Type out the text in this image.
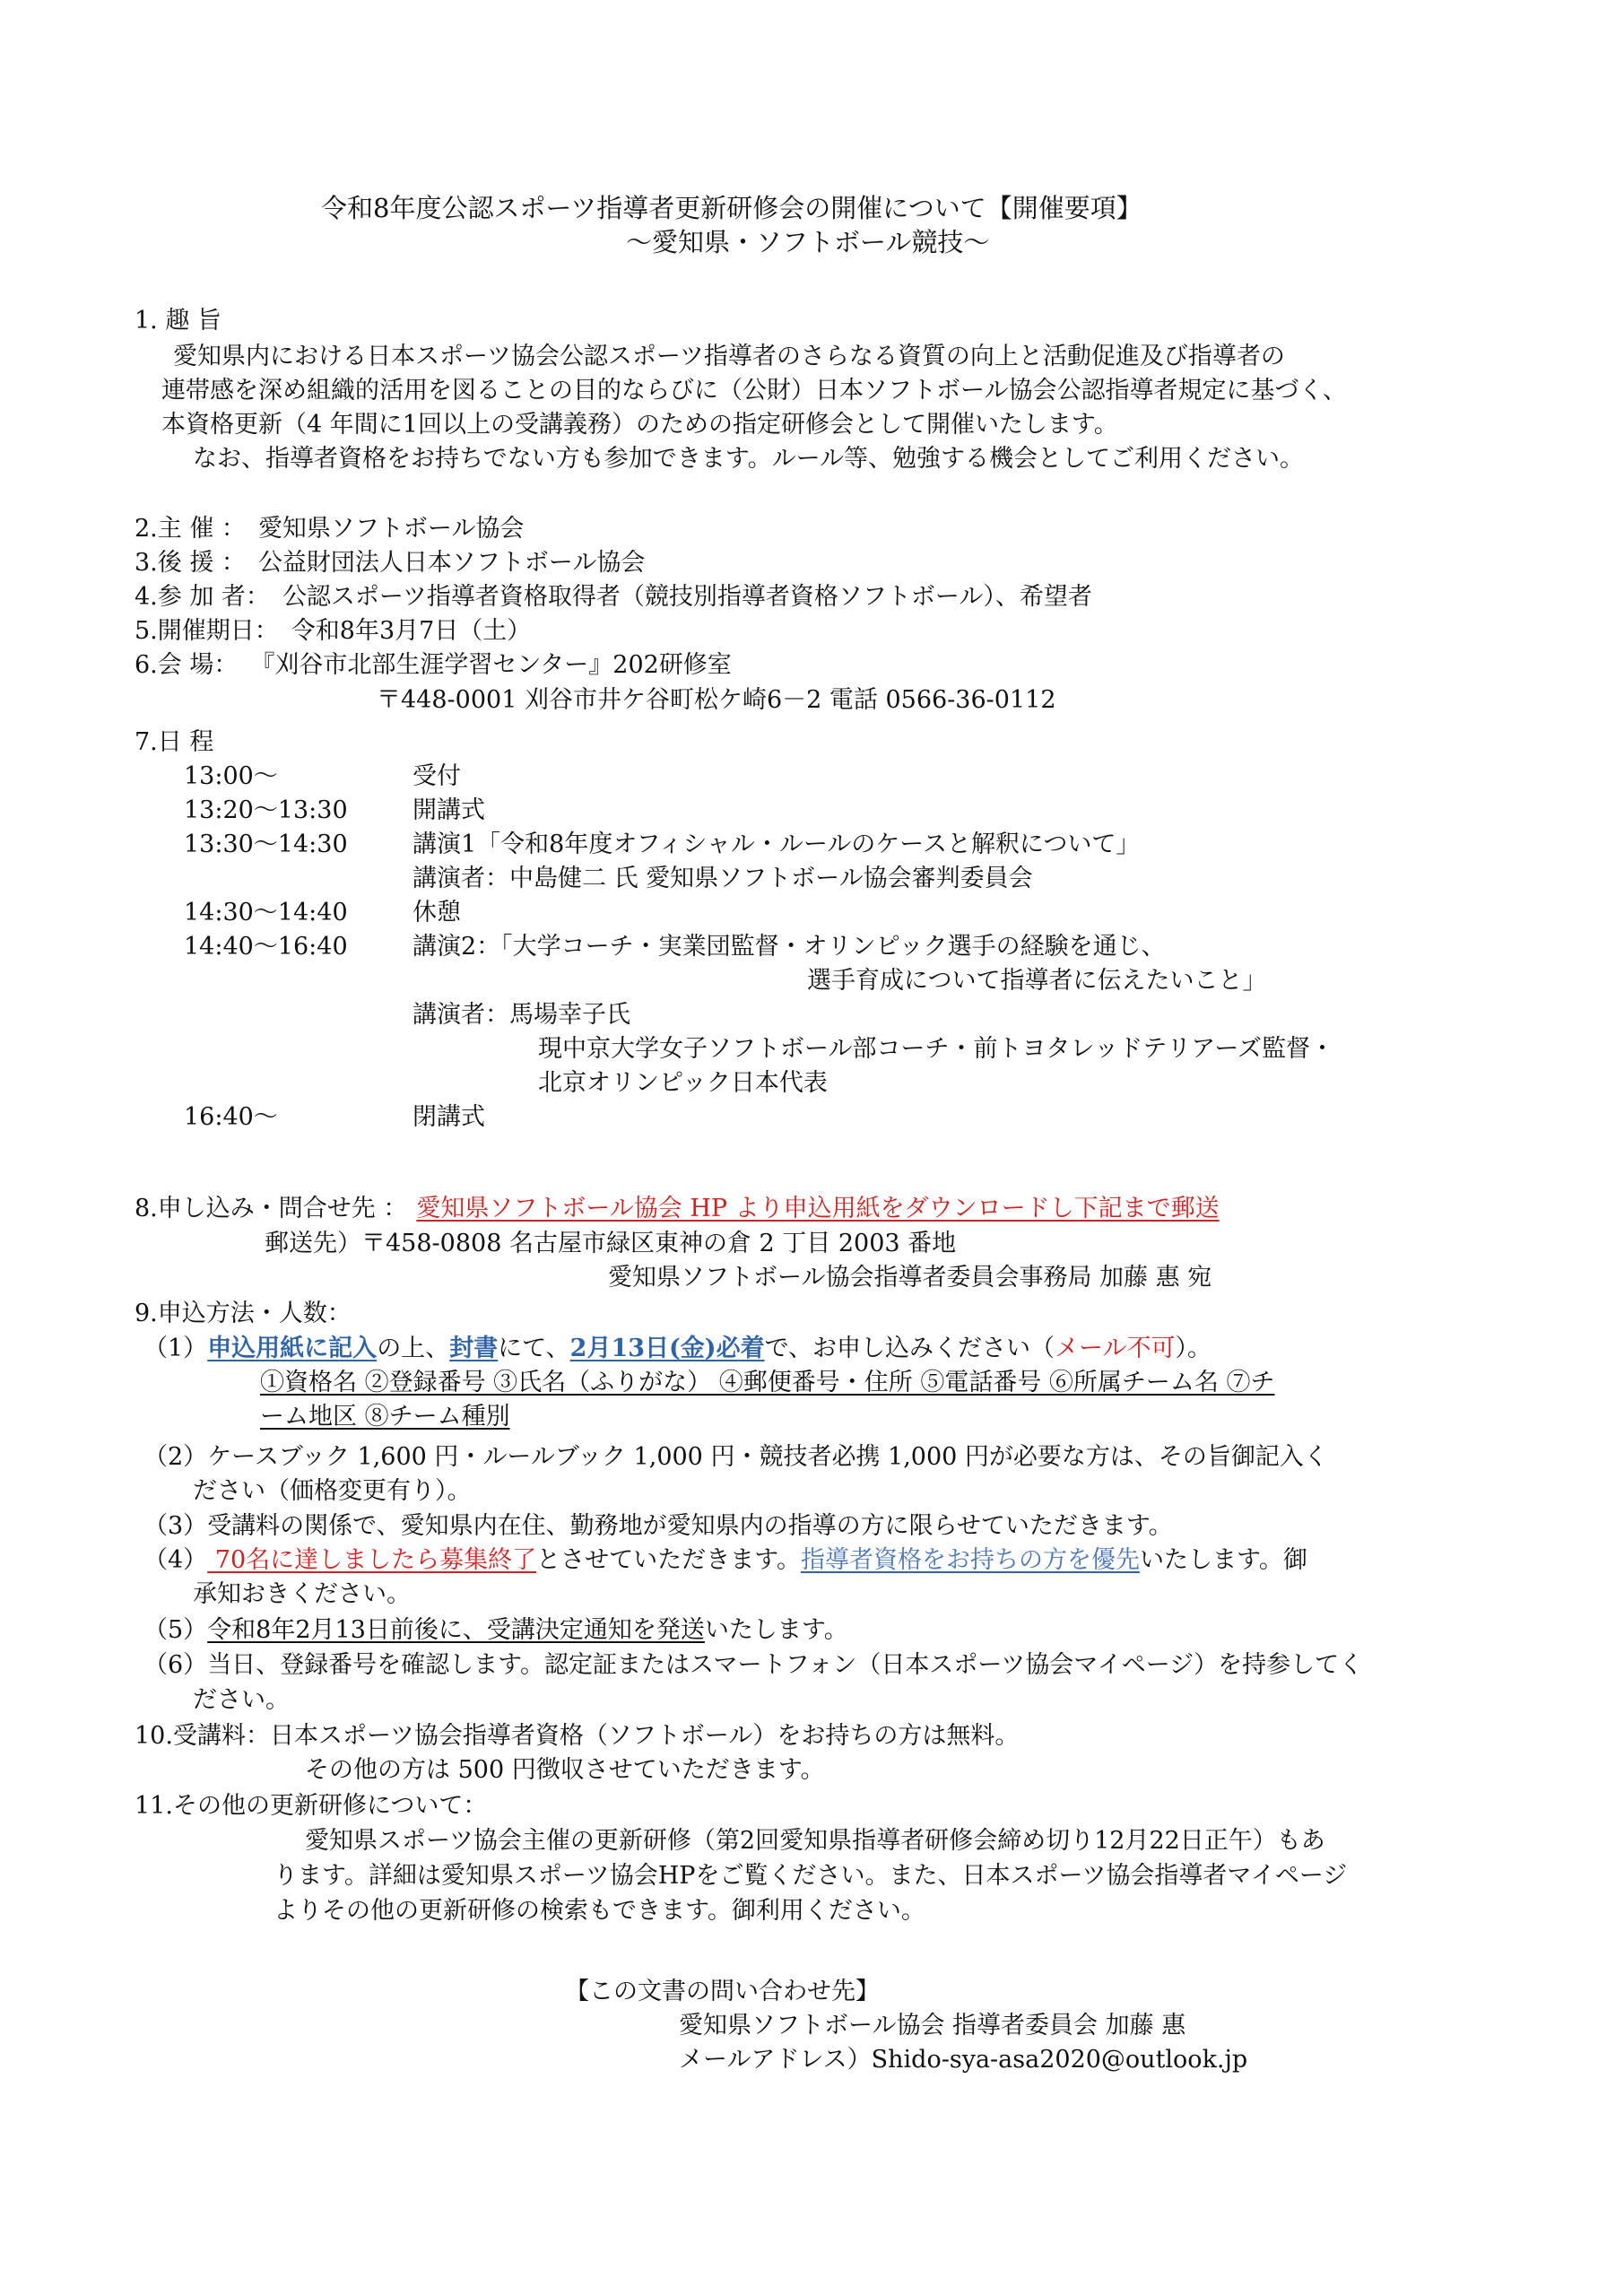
令和8年度公認スポーツ指導者更新研修会の開催について【開催要項】
～愛知県・ソフトボール競技～
1. 趣 旨
愛知県内における日本スポーツ協会公認スポーツ指導者のさらなる資質の向上と活動促進及び指導者の
連帯感を深め組織的活用を図ることの目的ならびに（公財）日本ソフトボール協会公認指導者規定に基づく、
本資格更新（4 年間に1回以上の受講義務）のための指定研修会として開催いたします。
なお、指導者資格をお持ちでない方も参加できます。ルール等、勉強する機会としてご利用ください。
2.主 催 ： 愛知県ソフトボール協会
3.後 援 ： 公益財団法人日本ソフトボール協会
4.参 加 者： 公認スポーツ指導者資格取得者（競技別指導者資格ソフトボール）、希望者
5.開催期日： 令和8年3月7日（土）
6.会 場： 『刈谷市北部生涯学習センター』202研修室
〒448-0001 刈谷市井ケ谷町松ケ崎6－2 電話 0566-36-0112
7.日 程
13:00～	受付
13:20～13:30	開講式
13:30～14:30	講演1「令和8年度オフィシャル・ルールのケースと解釈について」
講演者：中島健二 氏 愛知県ソフトボール協会審判委員会
14:30～14:40	休憩
14:40～16:40	講演2：「大学コーチ・実業団監督・オリンピック選手の経験を通じ、
選手育成について指導者に伝えたいこと」
講演者：馬場幸子氏
現中京大学女子ソフトボール部コーチ・前トヨタレッドテリアーズ監督・
北京オリンピック日本代表
16:40～	閉講式
8.申し込み・問合せ先 ： 愛知県ソフトボール協会 HP より申込用紙をダウンロードし下記まで郵送
郵送先）〒458-0808 名古屋市緑区東神の倉 2 丁目 2003 番地
愛知県ソフトボール協会指導者委員会事務局 加藤 惠 宛
9.申込方法・人数：
（1）申込用紙に記入の上、封書にて、2月13日(金)必着で、お申し込みください（メール不可）。
①資格名 ②登録番号 ③氏名（ふりがな） ④郵便番号・住所 ⑤電話番号 ⑥所属チーム名 ⑦チ
ーム地区 ⑧チーム種別
（2）ケースブック 1,600 円・ルールブック 1,000 円・競技者必携 1,000 円が必要な方は、その旨御記入く
ださい（価格変更有り）。
（3）受講料の関係で、愛知県内在住、勤務地が愛知県内の指導の方に限らせていただきます。
（4） 70名に達しましたら募集終了とさせていただきます。指導者資格をお持ちの方を優先いたします。御
承知おきください。
（5）令和8年2月13日前後に、受講決定通知を発送いたします。
（6）当日、登録番号を確認します。認定証またはスマートフォン（日本スポーツ協会マイページ）を持参してく
ださい。
10.受講料：日本スポーツ協会指導者資格（ソフトボール）をお持ちの方は無料。
その他の方は 500 円徴収させていただきます。
11.その他の更新研修について：
愛知県スポーツ協会主催の更新研修（第2回愛知県指導者研修会締め切り12月22日正午）もあ
ります。詳細は愛知県スポーツ協会HPをご覧ください。また、日本スポーツ協会指導者マイページ
よりその他の更新研修の検索もできます。御利用ください。
【この文書の問い合わせ先】
愛知県ソフトボール協会 指導者委員会 加藤 惠
メールアドレス）Shido-sya-asa2020@outlook.jp
